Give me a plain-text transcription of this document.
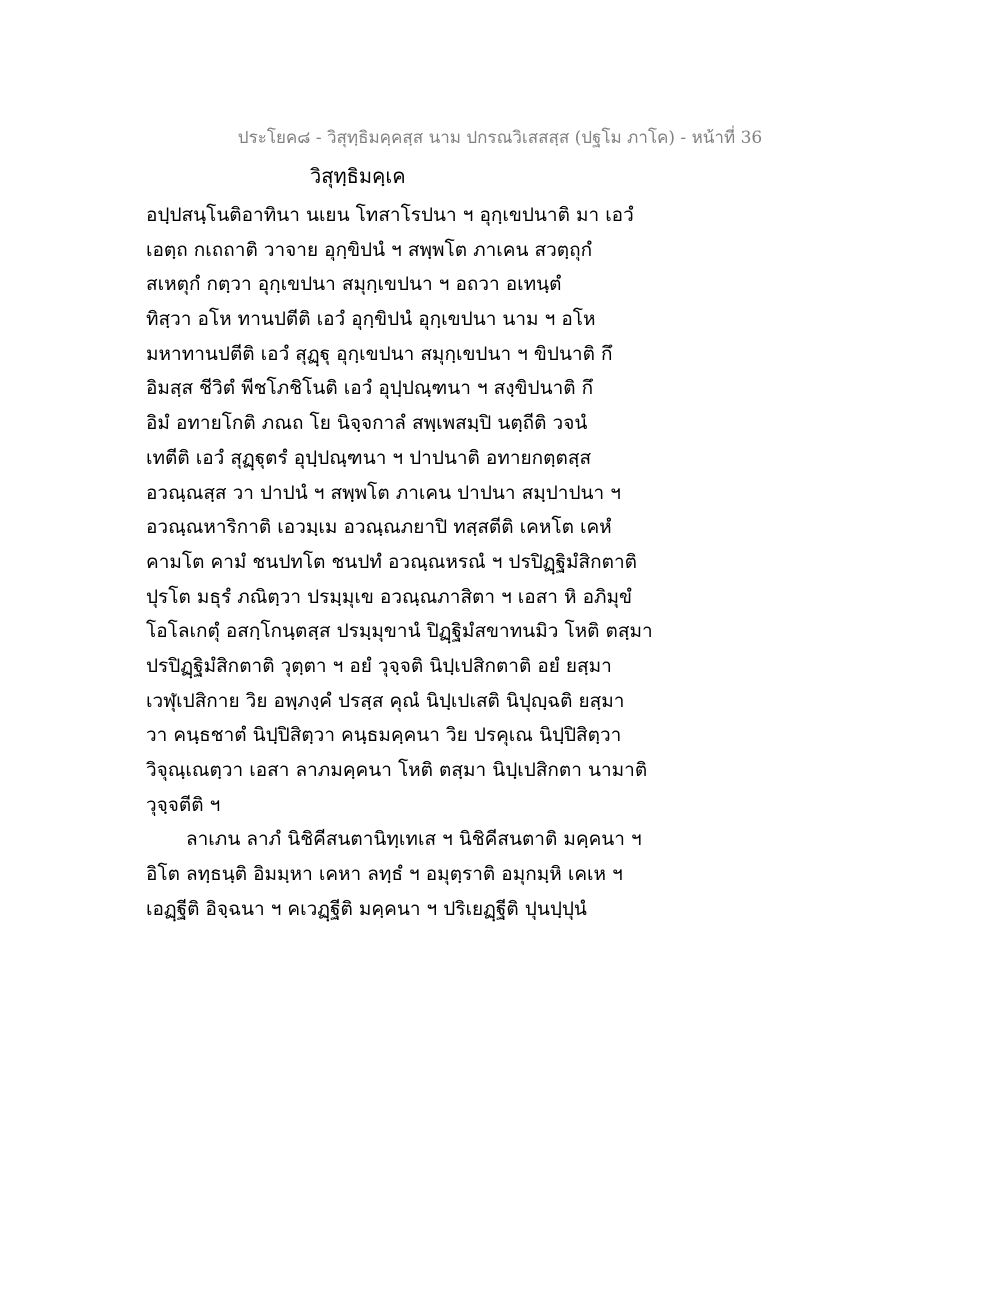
ประโยค๘ - วิสุทฺธิมคฺคสฺส นาม ปกรณวิเสสสฺส (ปฐโม ภาโค) - หน้าที่ 36
วิสุทฺธิมคฺเค
อปฺปสนฺโนติอาทินา นเยน โทสาโรปนา ฯ อุกฺเขปนาติ มา เอวํ
เอตฺถ กเถถาติ วาจาย อุกฺขิปนํ ฯ สพฺพโต ภาเคน สวตฺถุกํ
สเหตุกํ กตฺวา อุกฺเขปนา สมุกฺเขปนา ฯ อถวา อเทนฺตํ
ทิสฺวา อโห ทานปตีติ เอวํ อุกฺขิปนํ อุกฺเขปนา นาม ฯ อโห
มหาทานปตีติ เอวํ สุฏฺฐุ อุกฺเขปนา สมุกฺเขปนา ฯ ขิปนาติ กึ
อิมสฺส ชีวิตํ พีชโภชิโนติ เอวํ อุปฺปณฺฑนา ฯ สงฺขิปนาติ กึ
อิมํ อทายโกติ ภณถ โย นิจฺจกาลํ สพฺเพสมฺปิ นตฺถีติ วจนํ
เทตีติ เอวํ สุฏฺฐุตรํ อุปฺปณฺฑนา ฯ ปาปนาติ อทายกตฺตสฺส
อวณฺณสฺส วา ปาปนํ ฯ สพฺพโต ภาเคน ปาปนา สมฺปาปนา ฯ
อวณฺณหาริกาติ เอวมฺเม อวณฺณภยาปิ ทสฺสตีติ เคหโต เคหํ
คามโต คามํ ชนปทโต ชนปทํ อวณฺณหรณํ ฯ ปรปิฏฺฐิมํสิกตาติ
ปุรโต มธุรํ ภณิตฺวา ปรมฺมุเข อวณฺณภาสิตา ฯ เอสา หิ อภิมุขํ
โอโลเกตุํ อสกฺโกนฺตสฺส ปรมฺมุขานํ ปิฏฺฐิมํสขาทนมิว โหติ ตสฺมา
ปรปิฏฺฐิมํสิกตาติ วุตฺตา ฯ อยํ วุจฺจติ นิปฺเปสิกตาติ อยํ ยสฺมา
เวฬุเปสิกาย วิย อพฺภงฺคํ ปรสฺส คุณํ นิปฺเปเสติ นิปุญฺฉติ ยสฺมา
วา คนฺธชาตํ นิปฺปิสิตฺวา คนฺธมคฺคนา วิย ปรคุเณ นิปฺปิสิตฺวา
วิจุณฺเณตฺวา เอสา ลาภมคฺคนา โหติ ตสฺมา นิปฺเปสิกตา นามาติ
วุจฺจตีติ ฯ
ลาเภน ลาภํ นิชิคีสนตานิทฺเทเส ฯ นิชิคีสนตาติ มคฺคนา ฯ
อิโต ลทฺธนฺติ อิมมฺหา เคหา ลทฺธํ ฯ อมุตฺราติ อมุกมฺหิ เคเห ฯ
เอฏฺฐีติ อิจฺฉนา ฯ คเวฏฺฐีติ มคฺคนา ฯ ปริเยฏฺฐีติ ปุนปฺปุนํ
